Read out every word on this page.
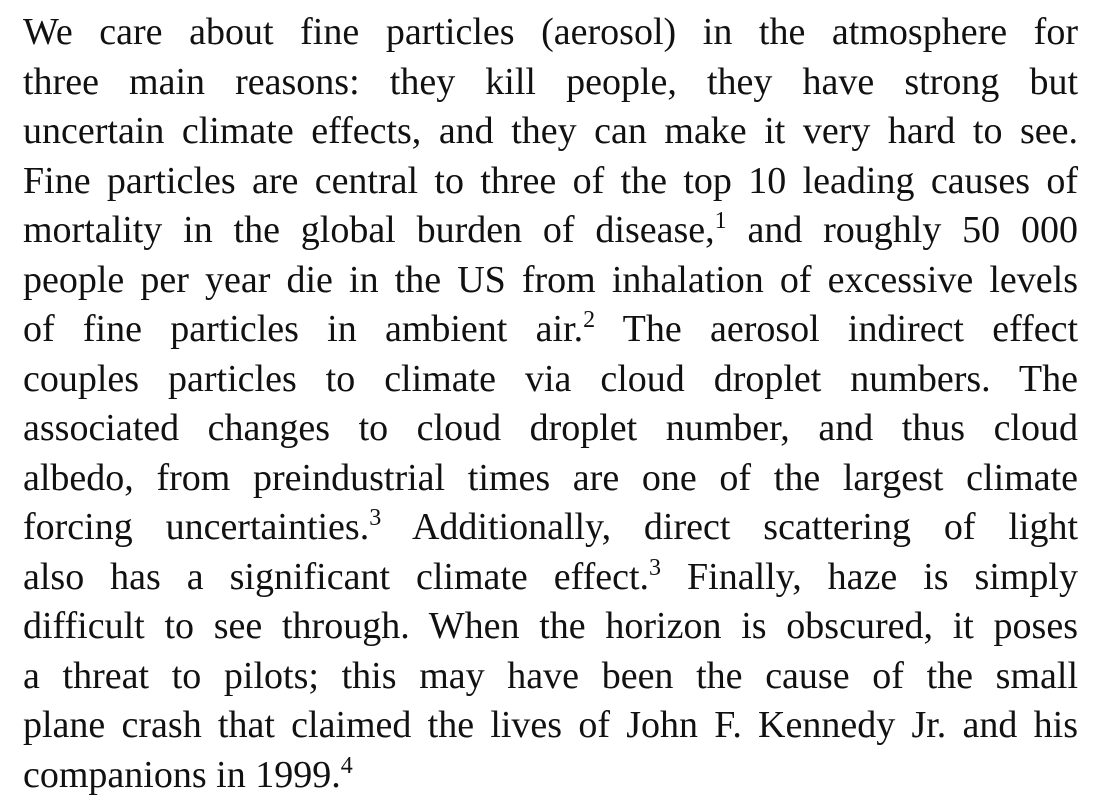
We care about fine particles (aerosol) in the atmosphere for
three main reasons: they kill people, they have strong but
uncertain climate effects, and they can make it very hard to see.
Fine particles are central to three of the top 10 leading causes of
mortality in the global burden of disease,$^1$ and roughly 50 000
people per year die in the US from inhalation of excessive levels
of fine particles in ambient air.$^2$ The aerosol indirect effect
couples particles to climate via cloud droplet numbers. The
associated changes to cloud droplet number, and thus cloud
albedo, from preindustrial times are one of the largest climate
forcing uncertainties.$^3$ Additionally, direct scattering of light
also has a significant climate effect.$^3$ Finally, haze is simply
difficult to see through. When the horizon is obscured, it poses
a threat to pilots; this may have been the cause of the small
plane crash that claimed the lives of John F. Kennedy Jr. and his
companions in 1999.$^4$
